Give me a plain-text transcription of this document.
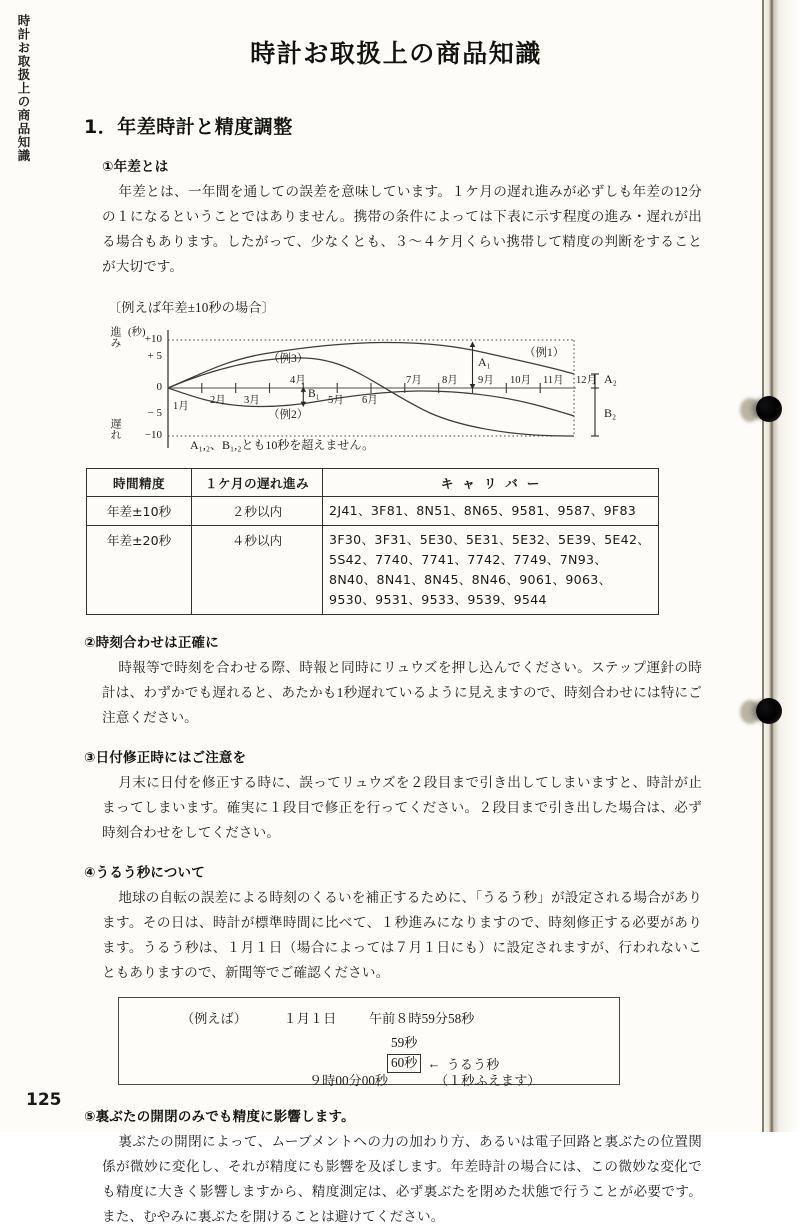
時計お取扱上の商品知識	時計お取扱上の商品知識
1．年差時計と精度調整
①年差とは

年差とは、一年間を通しての誤差を意味しています。１ケ月の遅れ進みが必ずしも年差の12分の１になるということではありません。携帯の条件によっては下表に示す程度の進み・遅れが出る場合もあります。したがって、少なくとも、３～４ケ月くらい携帯して精度の判断をすることが大切です。

〔例えば年差±10秒の場合〕
進み
遅れ
(秒)
+10
+ 5
0
− 5
−10
1月
2月 3月
4月
5月 6月
7月 8月 9月 10月 11月 12月
（例1）
（例2）
（例3）	A₁
B₁
A₂
B₂
A₁,₂、B₁,₂とも10秒を超えません。
時間精度	１ケ月の遅れ進み	キャリバー
年差±10秒	２秒以内	2J41、3F81、8N51、8N65、9581、9587、9F83
年差±20秒	４秒以内	3F30、3F31、5E30、5E31、5E32、5E39、5E42、5S42、7740、7741、7742、7749、7N93、8N40、8N41、8N45、8N46、9061、9063、9530、9531、9533、9539、9544
②時刻合わせは正確に

時報等で時刻を合わせる際、時報と同時にリュウズを押し込んでください。ステップ運針の時計は、わずかでも遅れると、あたかも1秒遅れているように見えますので、時刻合わせには特にご注意ください。

③日付修正時にはご注意を

月末に日付を修正する時に、誤ってリュウズを２段目まで引き出してしまいますと、時計が止まってしまいます。確実に１段目で修正を行ってください。２段目まで引き出した場合は、必ず時刻合わせをしてください。

④うるう秒について

地球の自転の誤差による時刻のくるいを補正するために、「うるう秒」が設定される場合があります。その日は、時計が標準時間に比べて、１秒進みになりますので、時刻修正する必要があります。うるう秒は、１月１日（場合によっては７月１日にも）に設定されますが、行われないこともありますので、新聞等でご確認ください。

（例えば）	１月１日 午前８時59分58秒
59秒
60秒 ← うるう秒
９時00分00秒	（１秒ふえます）
⑤裏ぶたの開閉のみでも精度に影響します。

裏ぶたの開閉によって、ムーブメントへの力の加わり方、あるいは電子回路と裏ぶたの位置関係が微妙に変化し、それが精度にも影響を及ぼします。年差時計の場合には、この微妙な変化でも精度に大きく影響しますから、精度測定は、必ず裏ぶたを閉めた状態で行うことが必要です。また、むやみに裏ぶたを開けることは避けてください。

125
